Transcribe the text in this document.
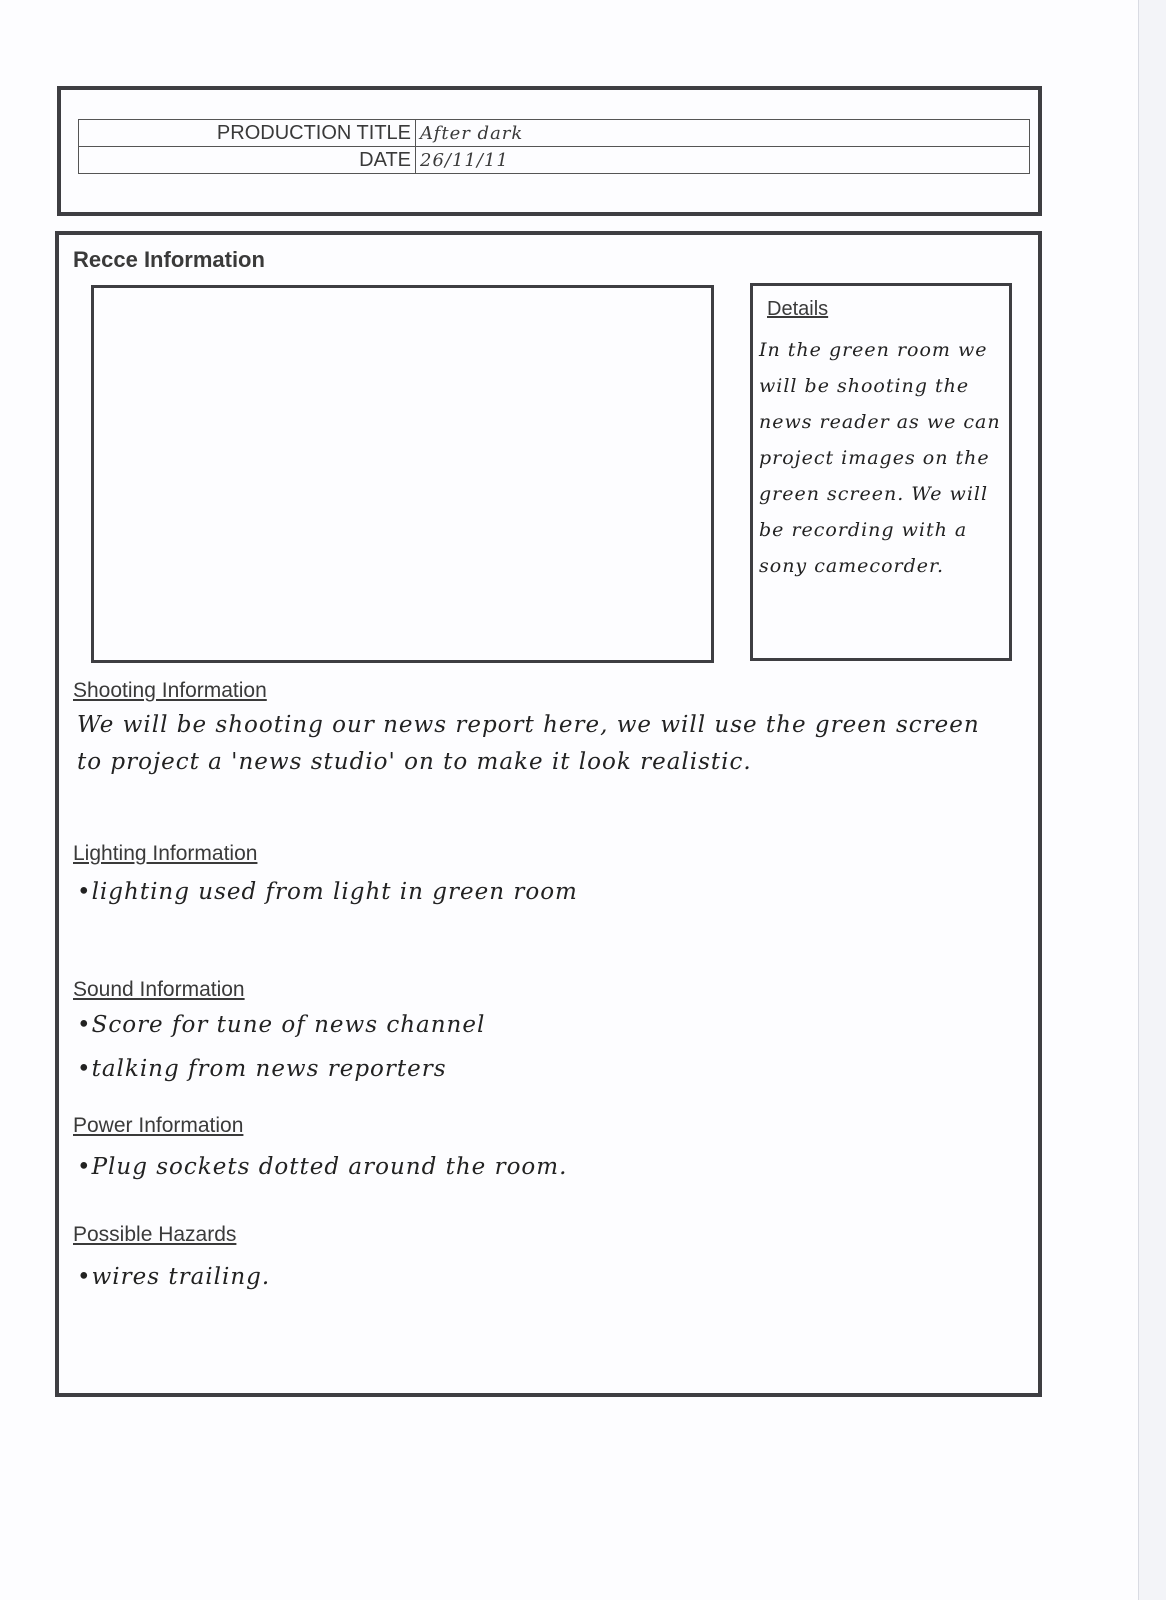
PRODUCTION TITLE	After dark
DATE	26/11/11
Recce Information
Details
In the green room we will be shooting the news reader as we can project images on the green screen. We will be recording with a sony camecorder.
Shooting Information
We will be shooting our news report here, we will use the green screen to project a 'news studio' on to make it look realistic.
Lighting Information
• lighting used from light in green room
Sound Information
• Score for tune of news channel
• talking from news reporters
Power Information
• Plug sockets dotted around the room.
Possible Hazards
• wires trailing.
